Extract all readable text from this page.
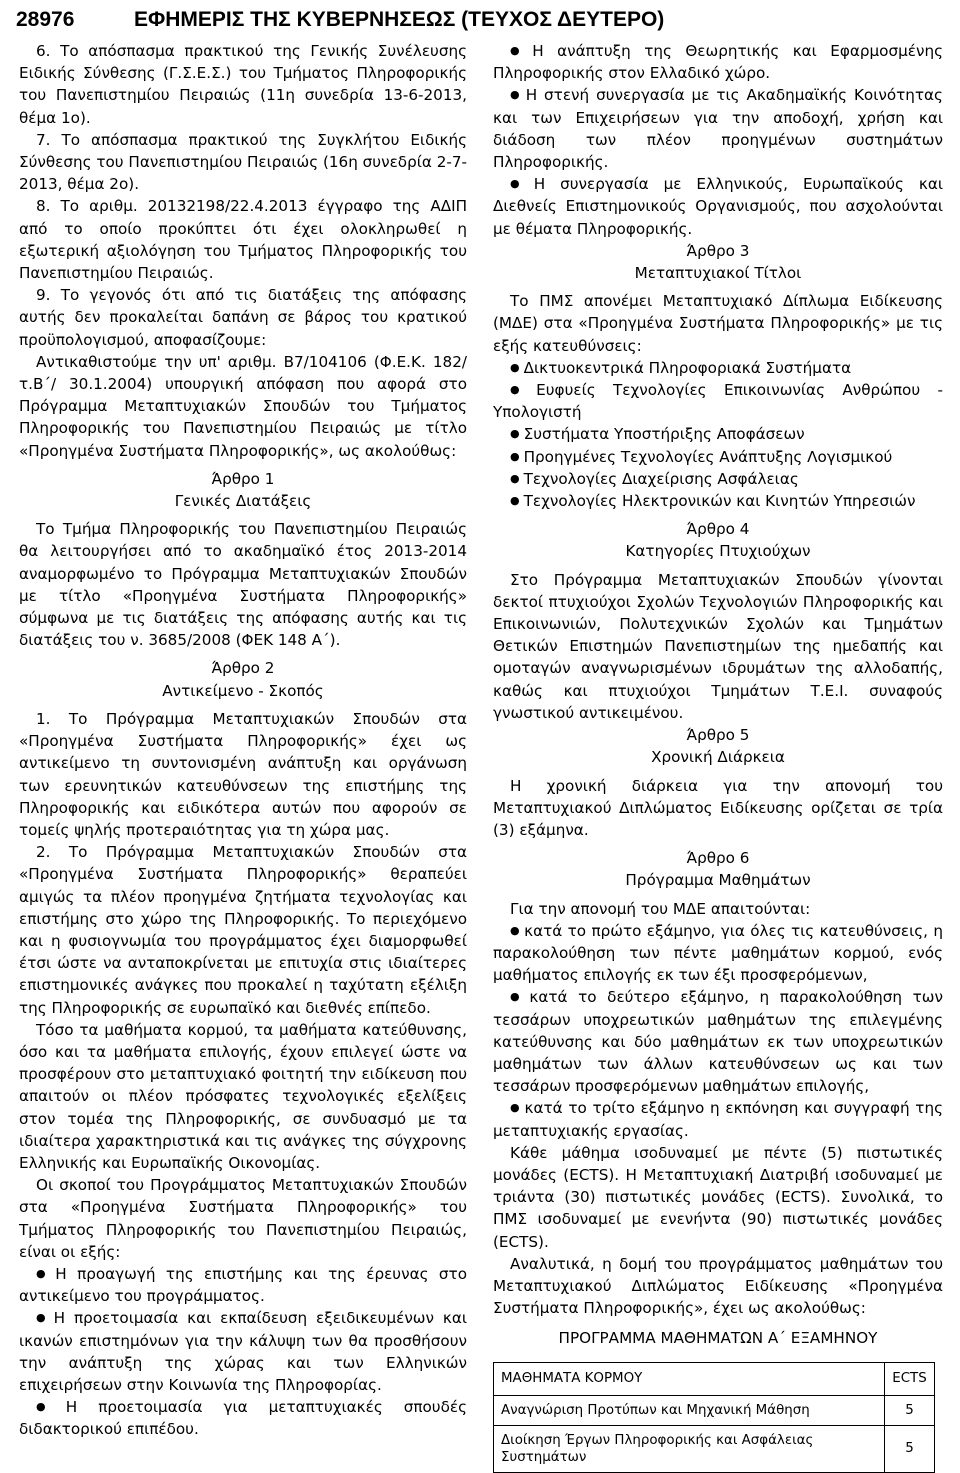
28976	ΕΦΗΜΕΡΙΣ ΤΗΣ ΚΥΒΕΡΝΗΣΕΩΣ (ΤΕΥΧΟΣ ΔΕΥΤΕΡΟ)

6. Το απόσπασμα πρακτικού της Γενικής Συνέλευσης Ειδικής Σύνθεσης (Γ.Σ.Ε.Σ.) του Τμήματος Πληροφορικής του Πανεπιστημίου Πειραιώς (11η συνεδρία 13-6-2013, θέμα 1ο).

7. Το απόσπασμα πρακτικού της Συγκλήτου Ειδικής Σύνθεσης του Πανεπιστημίου Πειραιώς (16η συνεδρία 2-7-2013, θέμα 2ο).

8. Το αριθμ. 20132198/22.4.2013 έγγραφο της ΑΔΙΠ από το οποίο προκύπτει ότι έχει ολοκληρωθεί η εξωτερική αξιολόγηση του Τμήματος Πληροφορικής του Πανεπιστημίου Πειραιώς.

9. Το γεγονός ότι από τις διατάξεις της απόφασης αυτής δεν προκαλείται δαπάνη σε βάρος του κρατικού προϋπολογισμού, αποφασίζουμε:

Αντικαθιστούμε την υπ' αριθμ. Β7/104106 (Φ.Ε.Κ. 182/τ.Β΄/ 30.1.2004) υπουργική απόφαση που αφορά στο Πρόγραμμα Μεταπτυχιακών Σπουδών του Τμήματος Πληροφορικής του Πανεπιστημίου Πειραιώς με τίτλο «Προηγμένα Συστήματα Πληροφορικής», ως ακολούθως:

Άρθρο 1

Γενικές Διατάξεις

Το Τμήμα Πληροφορικής του Πανεπιστημίου Πειραιώς θα λειτουργήσει από το ακαδημαϊκό έτος 2013-2014 αναμορφωμένο το Πρόγραμμα Μεταπτυχιακών Σπουδών με τίτλο «Προηγμένα Συστήματα Πληροφορικής» σύμφωνα με τις διατάξεις της απόφασης αυτής και τις διατάξεις του ν. 3685/2008 (ΦΕΚ 148 Α΄).

Άρθρο 2

Αντικείμενο - Σκοπός

1. Το Πρόγραμμα Μεταπτυχιακών Σπουδών στα «Προηγμένα Συστήματα Πληροφορικής» έχει ως αντικείμενο τη συντονισμένη ανάπτυξη και οργάνωση των ερευνητικών κατευθύνσεων της επιστήμης της Πληροφορικής και ειδικότερα αυτών που αφορούν σε τομείς ψηλής προτεραιότητας για τη χώρα μας.

2. Το Πρόγραμμα Μεταπτυχιακών Σπουδών στα «Προηγμένα Συστήματα Πληροφορικής» θεραπεύει αμιγώς τα πλέον προηγμένα ζητήματα τεχνολογίας και επιστήμης στο χώρο της Πληροφορικής. Το περιεχόμενο και η φυσιογνωμία του προγράμματος έχει διαμορφωθεί έτσι ώστε να ανταποκρίνεται με επιτυχία στις ιδιαίτερες επιστημονικές ανάγκες που προκαλεί η ταχύτατη εξέλιξη της Πληροφορικής σε ευρωπαϊκό και διεθνές επίπεδο.

Τόσο τα μαθήματα κορμού, τα μαθήματα κατεύθυνσης, όσο και τα μαθήματα επιλογής, έχουν επιλεγεί ώστε να προσφέρουν στο μεταπτυχιακό φοιτητή την ειδίκευση που απαιτούν οι πλέον πρόσφατες τεχνολογικές εξελίξεις στον τομέα της Πληροφορικής, σε συνδυασμό με τα ιδιαίτερα χαρακτηριστικά και τις ανάγκες της σύγχρονης Ελληνικής και Ευρωπαϊκής Οικονομίας.

Οι σκοποί του Προγράμματος Μεταπτυχιακών Σπουδών στα «Προηγμένα Συστήματα Πληροφορικής» του Τμήματος Πληροφορικής του Πανεπιστημίου Πειραιώς, είναι οι εξής:

● Η προαγωγή της επιστήμης και της έρευνας στο αντικείμενο του προγράμματος.

● Η προετοιμασία και εκπαίδευση εξειδικευμένων και ικανών επιστημόνων για την κάλυψη των θα προσθήσουν την ανάπτυξη της χώρας και των Ελληνικών επιχειρήσεων στην Κοινωνία της Πληροφορίας.

● Η προετοιμασία για μεταπτυχιακές σπουδές διδακτορικού επιπέδου.

● Η ανάπτυξη της Θεωρητικής και Εφαρμοσμένης Πληροφορικής στον Ελλαδικό χώρο.

● Η στενή συνεργασία με τις Ακαδημαϊκής Κοινότητας και των Επιχειρήσεων για την αποδοχή, χρήση και διάδοση των πλέον προηγμένων συστημάτων Πληροφορικής.

● Η συνεργασία με Ελληνικούς, Ευρωπαϊκούς και Διεθνείς Επιστημονικούς Οργανισμούς, που ασχολούνται με θέματα Πληροφορικής.

Άρθρο 3

Μεταπτυχιακοί Τίτλοι

Το ΠΜΣ απονέμει Μεταπτυχιακό Δίπλωμα Ειδίκευσης (ΜΔΕ) στα «Προηγμένα Συστήματα Πληροφορικής» με τις εξής κατευθύνσεις:

● Δικτυοκεντρικά Πληροφοριακά Συστήματα

● Ευφυείς Τεχνολογίες Επικοινωνίας Ανθρώπου - Υπολογιστή

● Συστήματα Υποστήριξης Αποφάσεων

● Προηγμένες Τεχνολογίες Ανάπτυξης Λογισμικού

● Τεχνολογίες Διαχείρισης Ασφάλειας

● Τεχνολογίες Ηλεκτρονικών και Κινητών Υπηρεσιών

Άρθρο 4

Κατηγορίες Πτυχιούχων

Στο Πρόγραμμα Μεταπτυχιακών Σπουδών γίνονται δεκτοί πτυχιούχοι Σχολών Τεχνολογιών Πληροφορικής και Επικοινωνιών, Πολυτεχνικών Σχολών και Τμημάτων Θετικών Επιστημών Πανεπιστημίων της ημεδαπής και ομοταγών αναγνωρισμένων ιδρυμάτων της αλλοδαπής, καθώς και πτυχιούχοι Τμημάτων Τ.Ε.Ι. συναφούς γνωστικού αντικειμένου.

Άρθρο 5

Χρονική Διάρκεια

Η χρονική διάρκεια για την απονομή του Μεταπτυχιακού Διπλώματος Ειδίκευσης ορίζεται σε τρία (3) εξάμηνα.

Άρθρο 6

Πρόγραμμα Μαθημάτων

Για την απονομή του ΜΔΕ απαιτούνται:

● κατά το πρώτο εξάμηνο, για όλες τις κατευθύνσεις, η παρακολούθηση των πέντε μαθημάτων κορμού, ενός μαθήματος επιλογής εκ των έξι προσφερόμενων,

● κατά το δεύτερο εξάμηνο, η παρακολούθηση των τεσσάρων υποχρεωτικών μαθημάτων της επιλεγμένης κατεύθυνσης και δύο μαθημάτων εκ των υποχρεωτικών μαθημάτων των άλλων κατευθύνσεων ως και των τεσσάρων προσφερόμενων μαθημάτων επιλογής,

● κατά το τρίτο εξάμηνο η εκπόνηση και συγγραφή της μεταπτυχιακής εργασίας.

Κάθε μάθημα ισοδυναμεί με πέντε (5) πιστωτικές μονάδες (ECTS). Η Μεταπτυχιακή Διατριβή ισοδυναμεί με τριάντα (30) πιστωτικές μονάδες (ECTS). Συνολικά, το ΠΜΣ ισοδυναμεί με ενενήντα (90) πιστωτικές μονάδες (ECTS).

Αναλυτικά, η δομή του προγράμματος μαθημάτων του Μεταπτυχιακού Διπλώματος Ειδίκευσης «Προηγμένα Συστήματα Πληροφορικής», έχει ως ακολούθως:

ΠΡΟΓΡΑΜΜΑ ΜΑΘΗΜΑΤΩΝ Α΄ ΕΞΑΜΗΝΟΥ

ΜΑΘΗΜΑΤΑ ΚΟΡΜΟΥ	ECTS
Αναγνώριση Προτύπων και Μηχανική Μάθηση	5
Διοίκηση Έργων Πληροφορικής και Ασφάλειας Συστημάτων	5
